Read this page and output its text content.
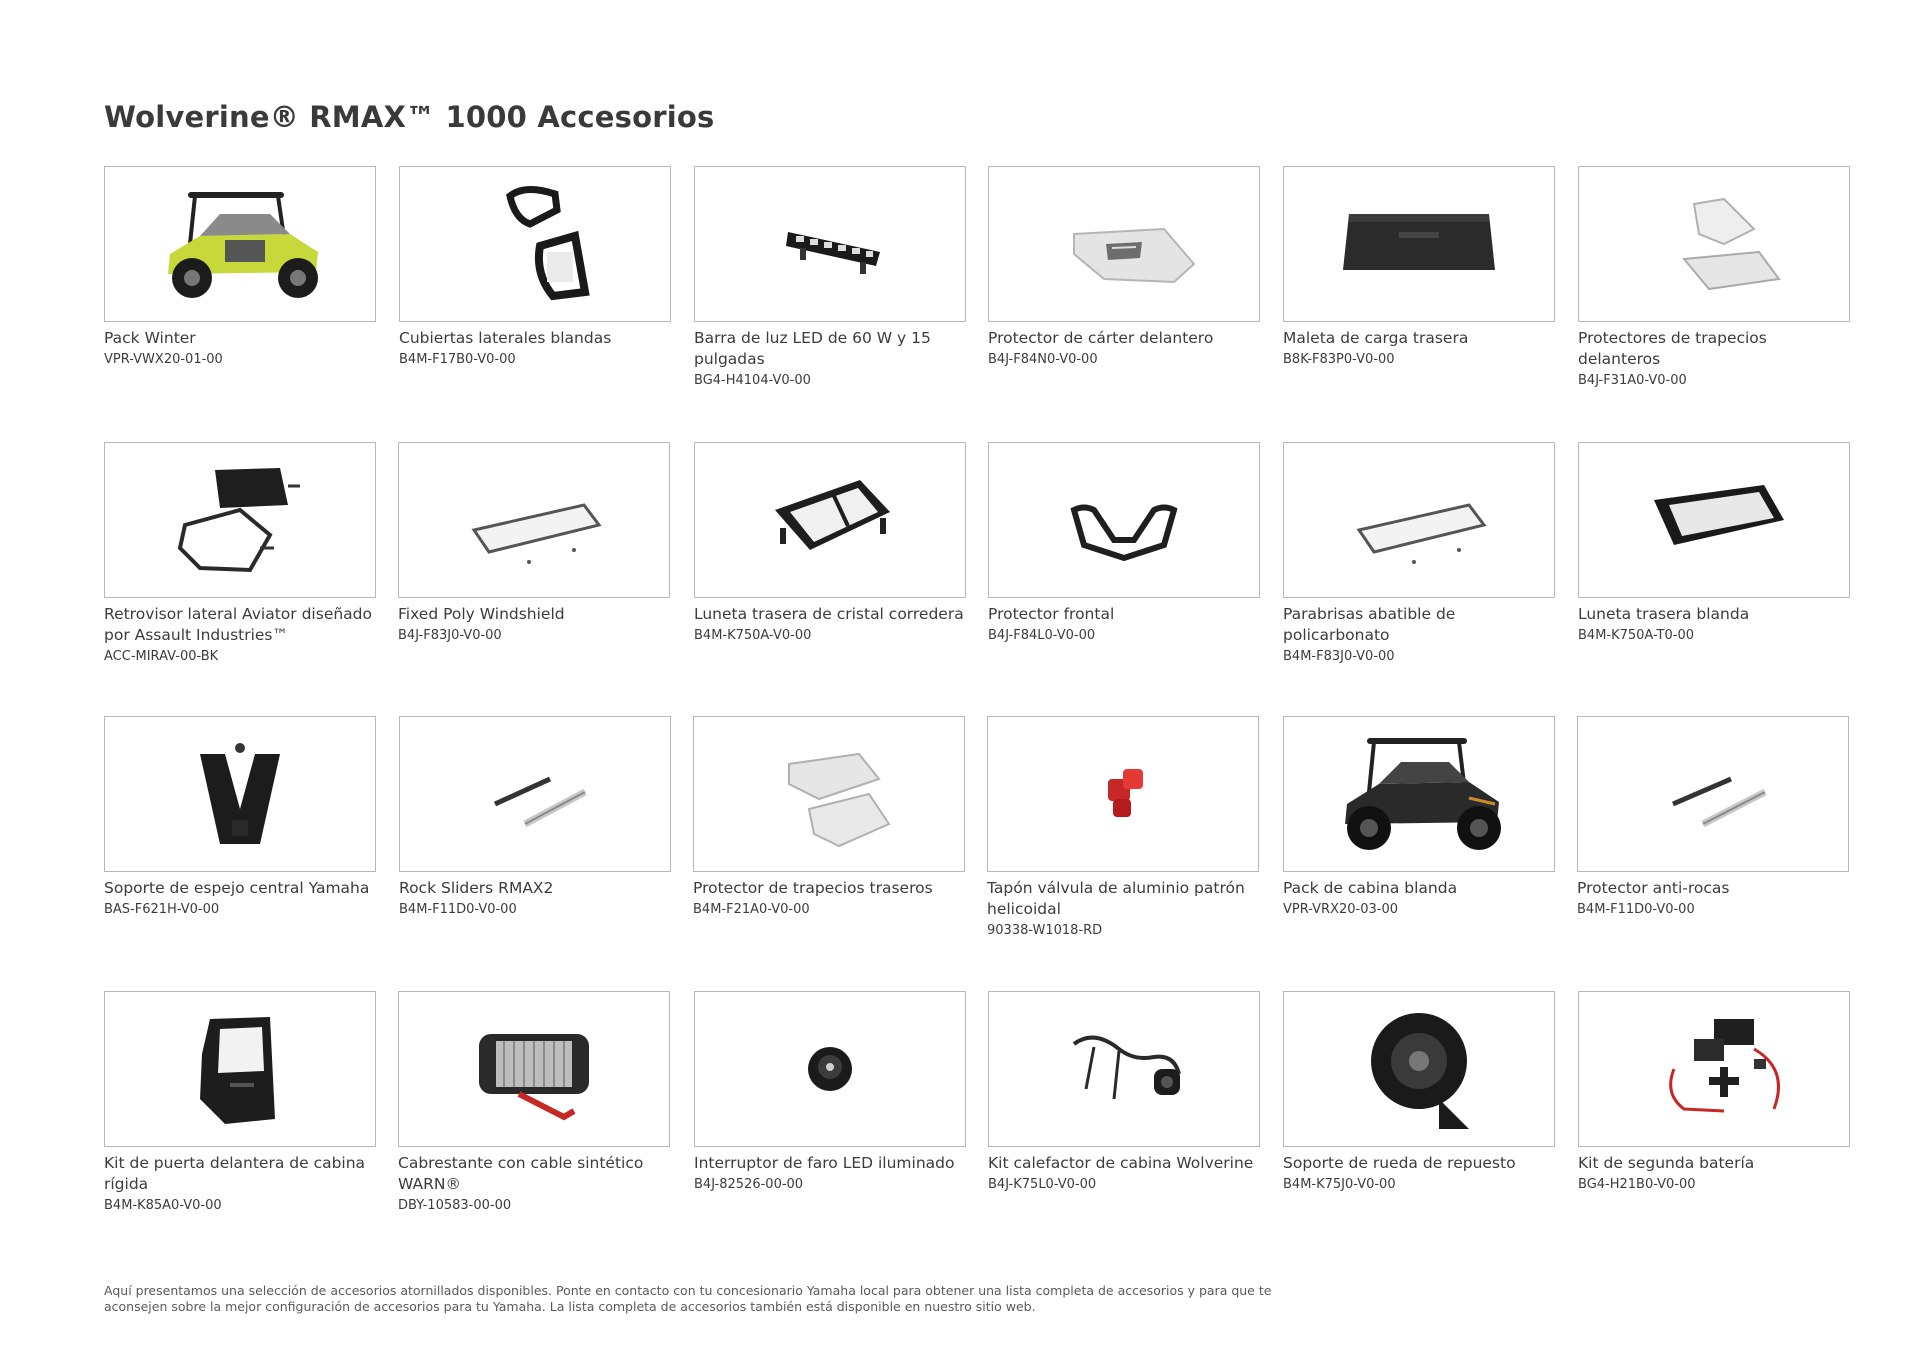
Wolverine® RMAX™ 1000 Accesorios
Pack Winter
VPR-VWX20-01-00
Cubiertas laterales blandas
B4M-F17B0-V0-00
Barra de luz LED de 60 W y 15 pulgadas
BG4-H4104-V0-00
Protector de cárter delantero
B4J-F84N0-V0-00
Maleta de carga trasera
B8K-F83P0-V0-00
Protectores de trapecios delanteros
B4J-F31A0-V0-00
Retrovisor lateral Aviator diseñado por Assault Industries™
ACC-MIRAV-00-BK
Fixed Poly Windshield
B4J-F83J0-V0-00
Luneta trasera de cristal corredera
B4M-K750A-V0-00
Protector frontal
B4J-F84L0-V0-00
Parabrisas abatible de policarbonato
B4M-F83J0-V0-00
Luneta trasera blanda
B4M-K750A-T0-00
Soporte de espejo central Yamaha
BAS-F621H-V0-00
Rock Sliders RMAX2
B4M-F11D0-V0-00
Protector de trapecios traseros
B4M-F21A0-V0-00
Tapón válvula de aluminio patrón helicoidal
90338-W1018-RD
Pack de cabina blanda
VPR-VRX20-03-00
Protector anti-rocas
B4M-F11D0-V0-00
Kit de puerta delantera de cabina rígida
B4M-K85A0-V0-00
Cabrestante con cable sintético WARN®
DBY-10583-00-00
Interruptor de faro LED iluminado
B4J-82526-00-00
Kit calefactor de cabina Wolverine
B4J-K75L0-V0-00
Soporte de rueda de repuesto
B4M-K75J0-V0-00
Kit de segunda batería
BG4-H21B0-V0-00

Aquí presentamos una selección de accesorios atornillados disponibles. Ponte en contacto con tu concesionario Yamaha local para obtener una lista completa de accesorios y para que te aconsejen sobre la mejor configuración de accesorios para tu Yamaha. La lista completa de accesorios también está disponible en nuestro sitio web.
